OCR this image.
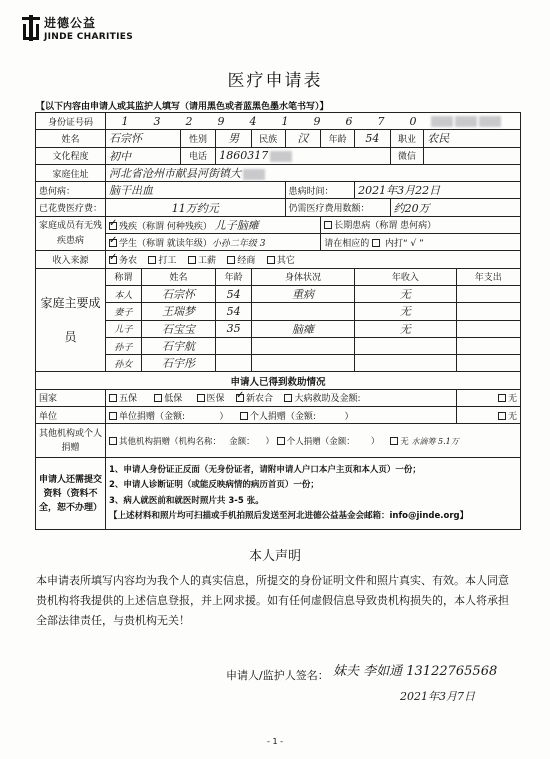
进德公益
JINDE CHARITIES
医疗申请表
【以下内容由申请人或其监护人填写（请用黑色或者蓝黑色墨水笔书写）】
身份证号码	1 3 2 9 4 1 9 6 7 0										
姓名	石宗怀		性别	男	民族	汉	年龄	54	职业	农民	
文化程度	初中		电话	1860317					微信		
家庭住址	河北省沧州市献县河街镇大										
患何病：	脑干出血					患病时间：		2021年3月22日			
已花费医疗费：	11万约元					仍需医疗费用数额：			约20万		
家庭成员有无残疾患病	✓残疾（称谓 何种残疾） 儿子脑瘫						长期患病（称谓 患何病）				
✓学生（称谓 就读年级）小孙二年级 3						请在相应的 内打“ √ ”				
收入来源	✓务农 打工 工薪 经商 其它
家庭主要成员	称谓	姓名		年龄	身体状况			年收入			年支出
	本人	石宗怀		54	重病			无			
	妻子	王瑞梦		54				无			
	儿子	石宝宝		35	脑瘫			无			
	孙子	石宇航									
	孙女	石宇彤									
申请人已得到救助情况											
国家	五保 低保 医保 ✓ 新农合 大病救助及金额:										无
单位	单位捐赠（金额: ） 个人捐赠（金额: ）										无
其他机构或个人捐赠	其他机构捐赠（机构名称： 金额： ） 个人捐赠（金额： ） 无 水滴筹 5.1万										
申请人还需提交资料（资料不全，恕不办理）	1、申请人身份证正反面（无身份证者，请附申请人户口本户主页和本人页）一份；
2、申请人诊断证明（或能反映病情的病历首页）一份；
3、病人就医前和就医时照片共 3-5 张。
【上述材料和照片均可扫描或手机拍照后发送至河北进德公益基金会邮箱：info@jinde.org】										
本人声明
本申请表所填写内容均为我个人的真实信息，所提交的身份证明文件和照片真实、有效。本人同意贵机构将我提供的上述信息登报，并上网求援。如有任何虚假信息导致贵机构损失的，本人将承担全部法律责任，与贵机构无关！
申请人/监护人签名： 妹夫 李如通 13122765568
2021年3月7日
- 1 -
